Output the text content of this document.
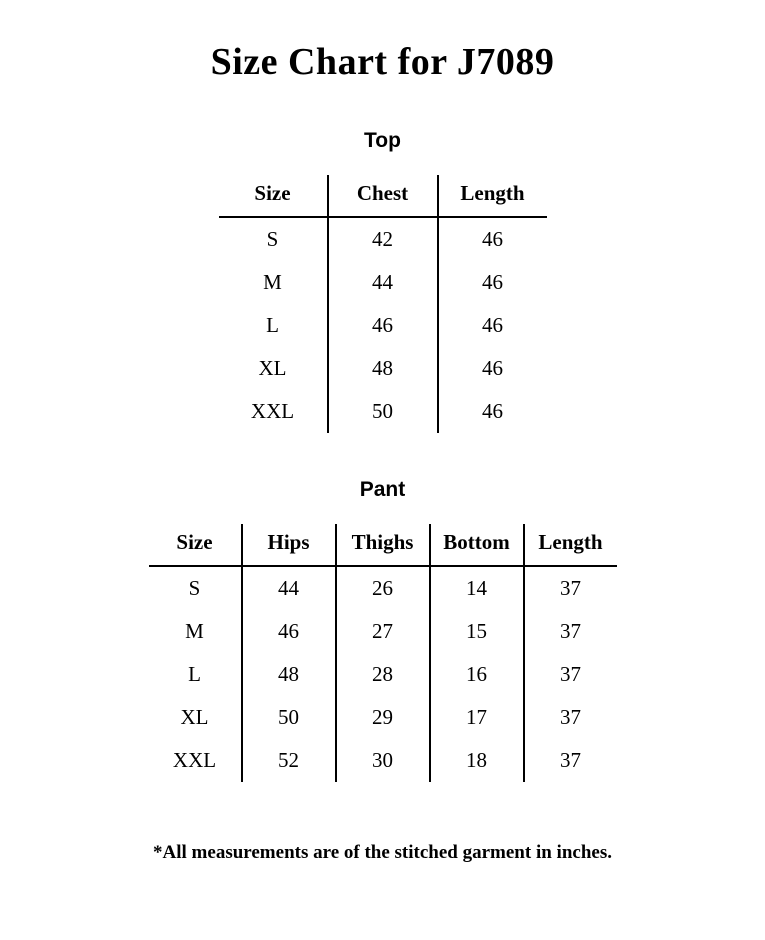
Size Chart for J7089
Top
Size	Chest	Length
S	42	46
M	44	46
L	46	46
XL	48	46
XXL	50	46
Pant
Size	Hips	Thighs	Bottom	Length
S	44	26	14	37
M	46	27	15	37
L	48	28	16	37
XL	50	29	17	37
XXL	52	30	18	37
*All measurements are of the stitched garment in inches.
